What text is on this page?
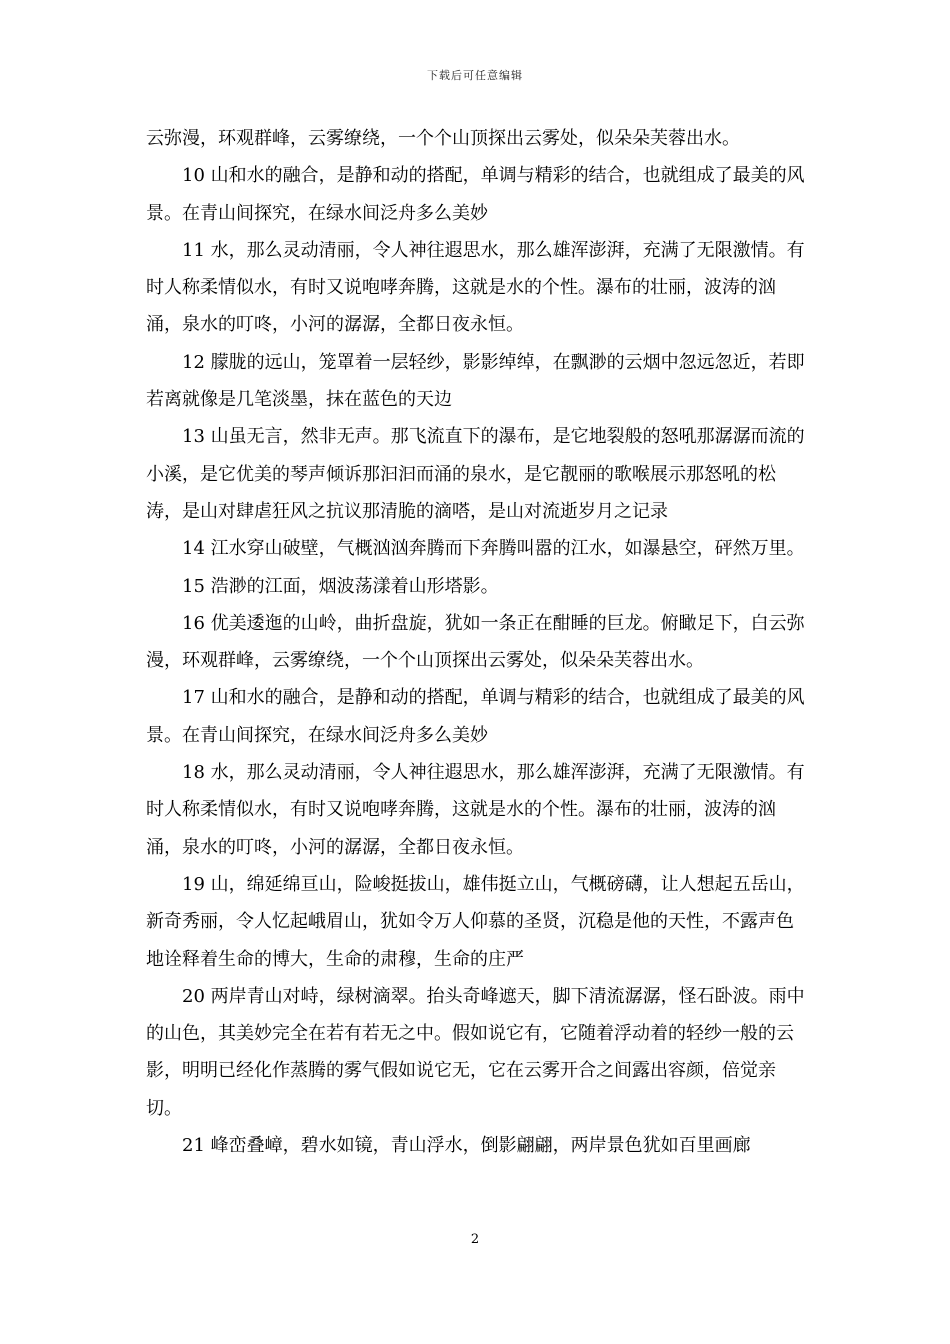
下载后可任意编辑

云弥漫，环观群峰，云雾缭绕，一个个山顶探出云雾处，似朵朵芙蓉出水。

10 山和水的融合，是静和动的搭配，单调与精彩的结合，也就组成了最美的风景。在青山间探究，在绿水间泛舟多么美妙

11 水，那么灵动清丽，令人神往遐思水，那么雄浑澎湃，充满了无限激情。有时人称柔情似水，有时又说咆哮奔腾，这就是水的个性。瀑布的壮丽，波涛的汹涌，泉水的叮咚，小河的潺潺，全都日夜永恒。

12 朦胧的远山，笼罩着一层轻纱，影影绰绰，在飘渺的云烟中忽远忽近，若即若离就像是几笔淡墨，抹在蓝色的天边

13 山虽无言，然非无声。那飞流直下的瀑布，是它地裂般的怒吼那潺潺而流的小溪，是它优美的琴声倾诉那汩汩而涌的泉水，是它靓丽的歌喉展示那怒吼的松涛，是山对肆虐狂风之抗议那清脆的滴嗒，是山对流逝岁月之记录

14 江水穿山破壁，气概汹汹奔腾而下奔腾叫嚣的江水，如瀑悬空，砰然万里。

15 浩渺的江面，烟波荡漾着山形塔影。

16 优美逶迤的山岭，曲折盘旋，犹如一条正在酣睡的巨龙。俯瞰足下，白云弥漫，环观群峰，云雾缭绕，一个个山顶探出云雾处，似朵朵芙蓉出水。

17 山和水的融合，是静和动的搭配，单调与精彩的结合，也就组成了最美的风景。在青山间探究，在绿水间泛舟多么美妙

18 水，那么灵动清丽，令人神往遐思水，那么雄浑澎湃，充满了无限激情。有时人称柔情似水，有时又说咆哮奔腾，这就是水的个性。瀑布的壮丽，波涛的汹涌，泉水的叮咚，小河的潺潺，全都日夜永恒。

19 山，绵延绵亘山，险峻挺拔山，雄伟挺立山，气概磅礴，让人想起五岳山，新奇秀丽，令人忆起峨眉山，犹如令万人仰慕的圣贤，沉稳是他的天性，不露声色地诠释着生命的博大，生命的肃穆，生命的庄严

20 两岸青山对峙，绿树滴翠。抬头奇峰遮天，脚下清流潺潺，怪石卧波。雨中的山色，其美妙完全在若有若无之中。假如说它有，它随着浮动着的轻纱一般的云影，明明已经化作蒸腾的雾气假如说它无，它在云雾开合之间露出容颜，倍觉亲切。

21 峰峦叠嶂，碧水如镜，青山浮水，倒影翩翩，两岸景色犹如百里画廊

2
